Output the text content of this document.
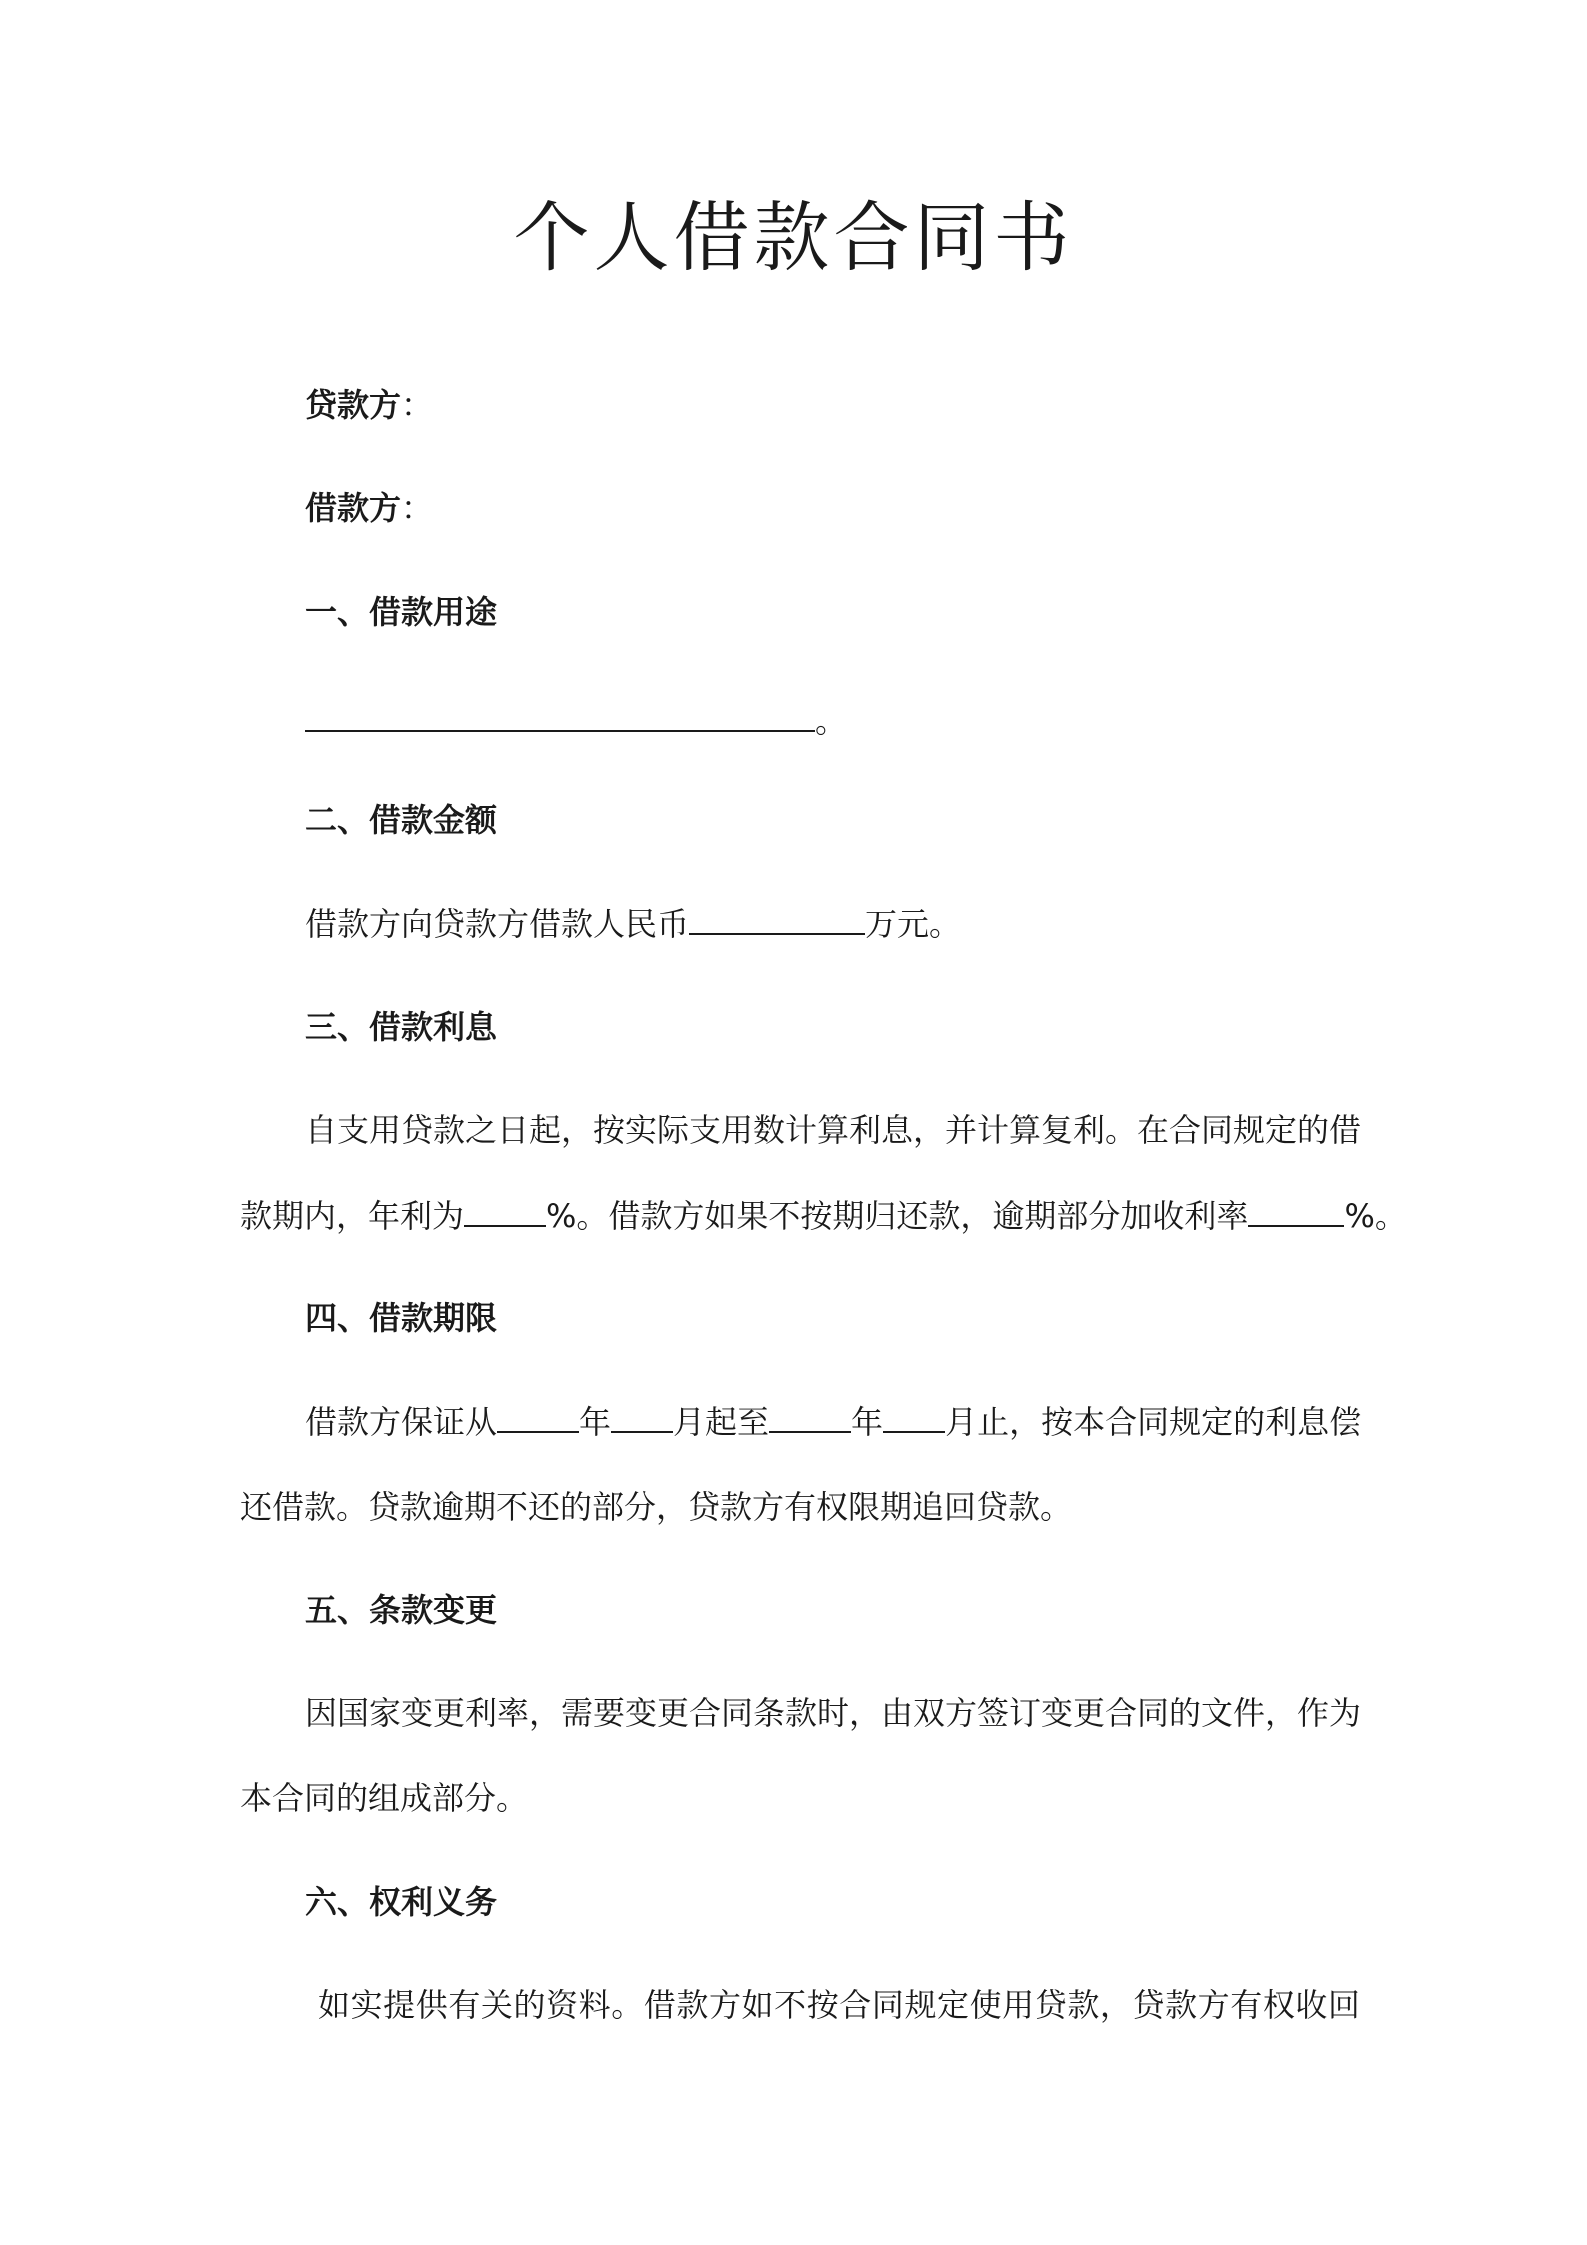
个人借款合同书
贷款方：
借款方：
一、借款用途
。
二、借款金额
借款方向贷款方借款人民币	万元。
三、借款利息
自支用贷款之日起，按实际支用数计算利息，并计算复利。在合同规定的借
款期内，年利为	%。借款方如果不按期归还款，逾期部分加收利率	%。
四、借款期限
借款方保证从	年 月起至	年 月止，按本合同规定的利息偿
还借款。贷款逾期不还的部分，贷款方有权限期追回贷款。
五、条款变更
因国家变更利率，需要变更合同条款时，由双方签订变更合同的文件，作为
本合同的组成部分。
六、权利义务
如实提供有关的资料。借款方如不按合同规定使用贷款，贷款方有权收回
